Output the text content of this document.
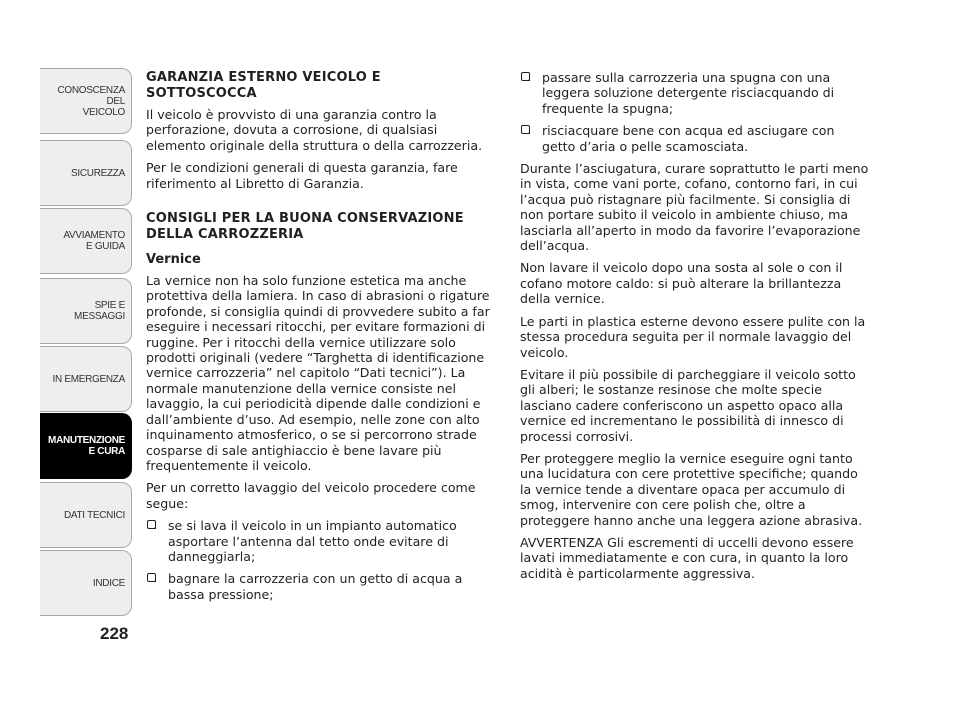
CONOSCENZA
DEL
VEICOLO
SICUREZZA
AVVIAMENTO
E GUIDA
SPIE E
MESSAGGI
IN EMERGENZA
MANUTENZIONE
E CURA
DATI TECNICI
INDICE
228
GARANZIA ESTERNO VEICOLO E SOTTOSCOCCA

Il veicolo è provvisto di una garanzia contro la perforazione, dovuta a corrosione, di qualsiasi elemento originale della struttura o della carrozzeria.

Per le condizioni generali di questa garanzia, fare riferimento al Libretto di Garanzia.

CONSIGLI PER LA BUONA CONSERVAZIONE DELLA CARROZZERIA
Vernice

La vernice non ha solo funzione estetica ma anche protettiva della lamiera. In caso di abrasioni o rigature profonde, si consiglia quindi di provvedere subito a far eseguire i necessari ritocchi, per evitare formazioni di ruggine. Per i ritocchi della vernice utilizzare solo prodotti originali (vedere “Targhetta di identificazione vernice carrozzeria” nel capitolo “Dati tecnici”). La normale manutenzione della vernice consiste nel lavaggio, la cui periodicità dipende dalle condizioni e dall’ambiente d’uso. Ad esempio, nelle zone con alto inquinamento atmosferico, o se si percorrono strade cosparse di sale antighiaccio è bene lavare più frequentemente il veicolo.

Per un corretto lavaggio del veicolo procedere come segue:

se si lava il veicolo in un impianto automatico asportare l’antenna dal tetto onde evitare di danneggiarla;
bagnare la carrozzeria con un getto di acqua a bassa pressione;
passare sulla carrozzeria una spugna con una leggera soluzione detergente risciacquando di frequente la spugna;
risciacquare bene con acqua ed asciugare con getto d’aria o pelle scamosciata.

Durante l’asciugatura, curare soprattutto le parti meno in vista, come vani porte, cofano, contorno fari, in cui l’acqua può ristagnare più facilmente. Si consiglia di non portare subito il veicolo in ambiente chiuso, ma lasciarla all’aperto in modo da favorire l’evaporazione dell’acqua.

Non lavare il veicolo dopo una sosta al sole o con il cofano motore caldo: si può alterare la brillantezza della vernice.

Le parti in plastica esterne devono essere pulite con la stessa procedura seguita per il normale lavaggio del veicolo.

Evitare il più possibile di parcheggiare il veicolo sotto gli alberi; le sostanze resinose che molte specie lasciano cadere conferiscono un aspetto opaco alla vernice ed incrementano le possibilità di innesco di processi corrosivi.

Per proteggere meglio la vernice eseguire ogni tanto una lucidatura con cere protettive specifiche; quando la vernice tende a diventare opaca per accumulo di smog, intervenire con cere polish che, oltre a proteggere hanno anche una leggera azione abrasiva.

AVVERTENZA Gli escrementi di uccelli devono essere lavati immediatamente e con cura, in quanto la loro acidità è particolarmente aggressiva.
